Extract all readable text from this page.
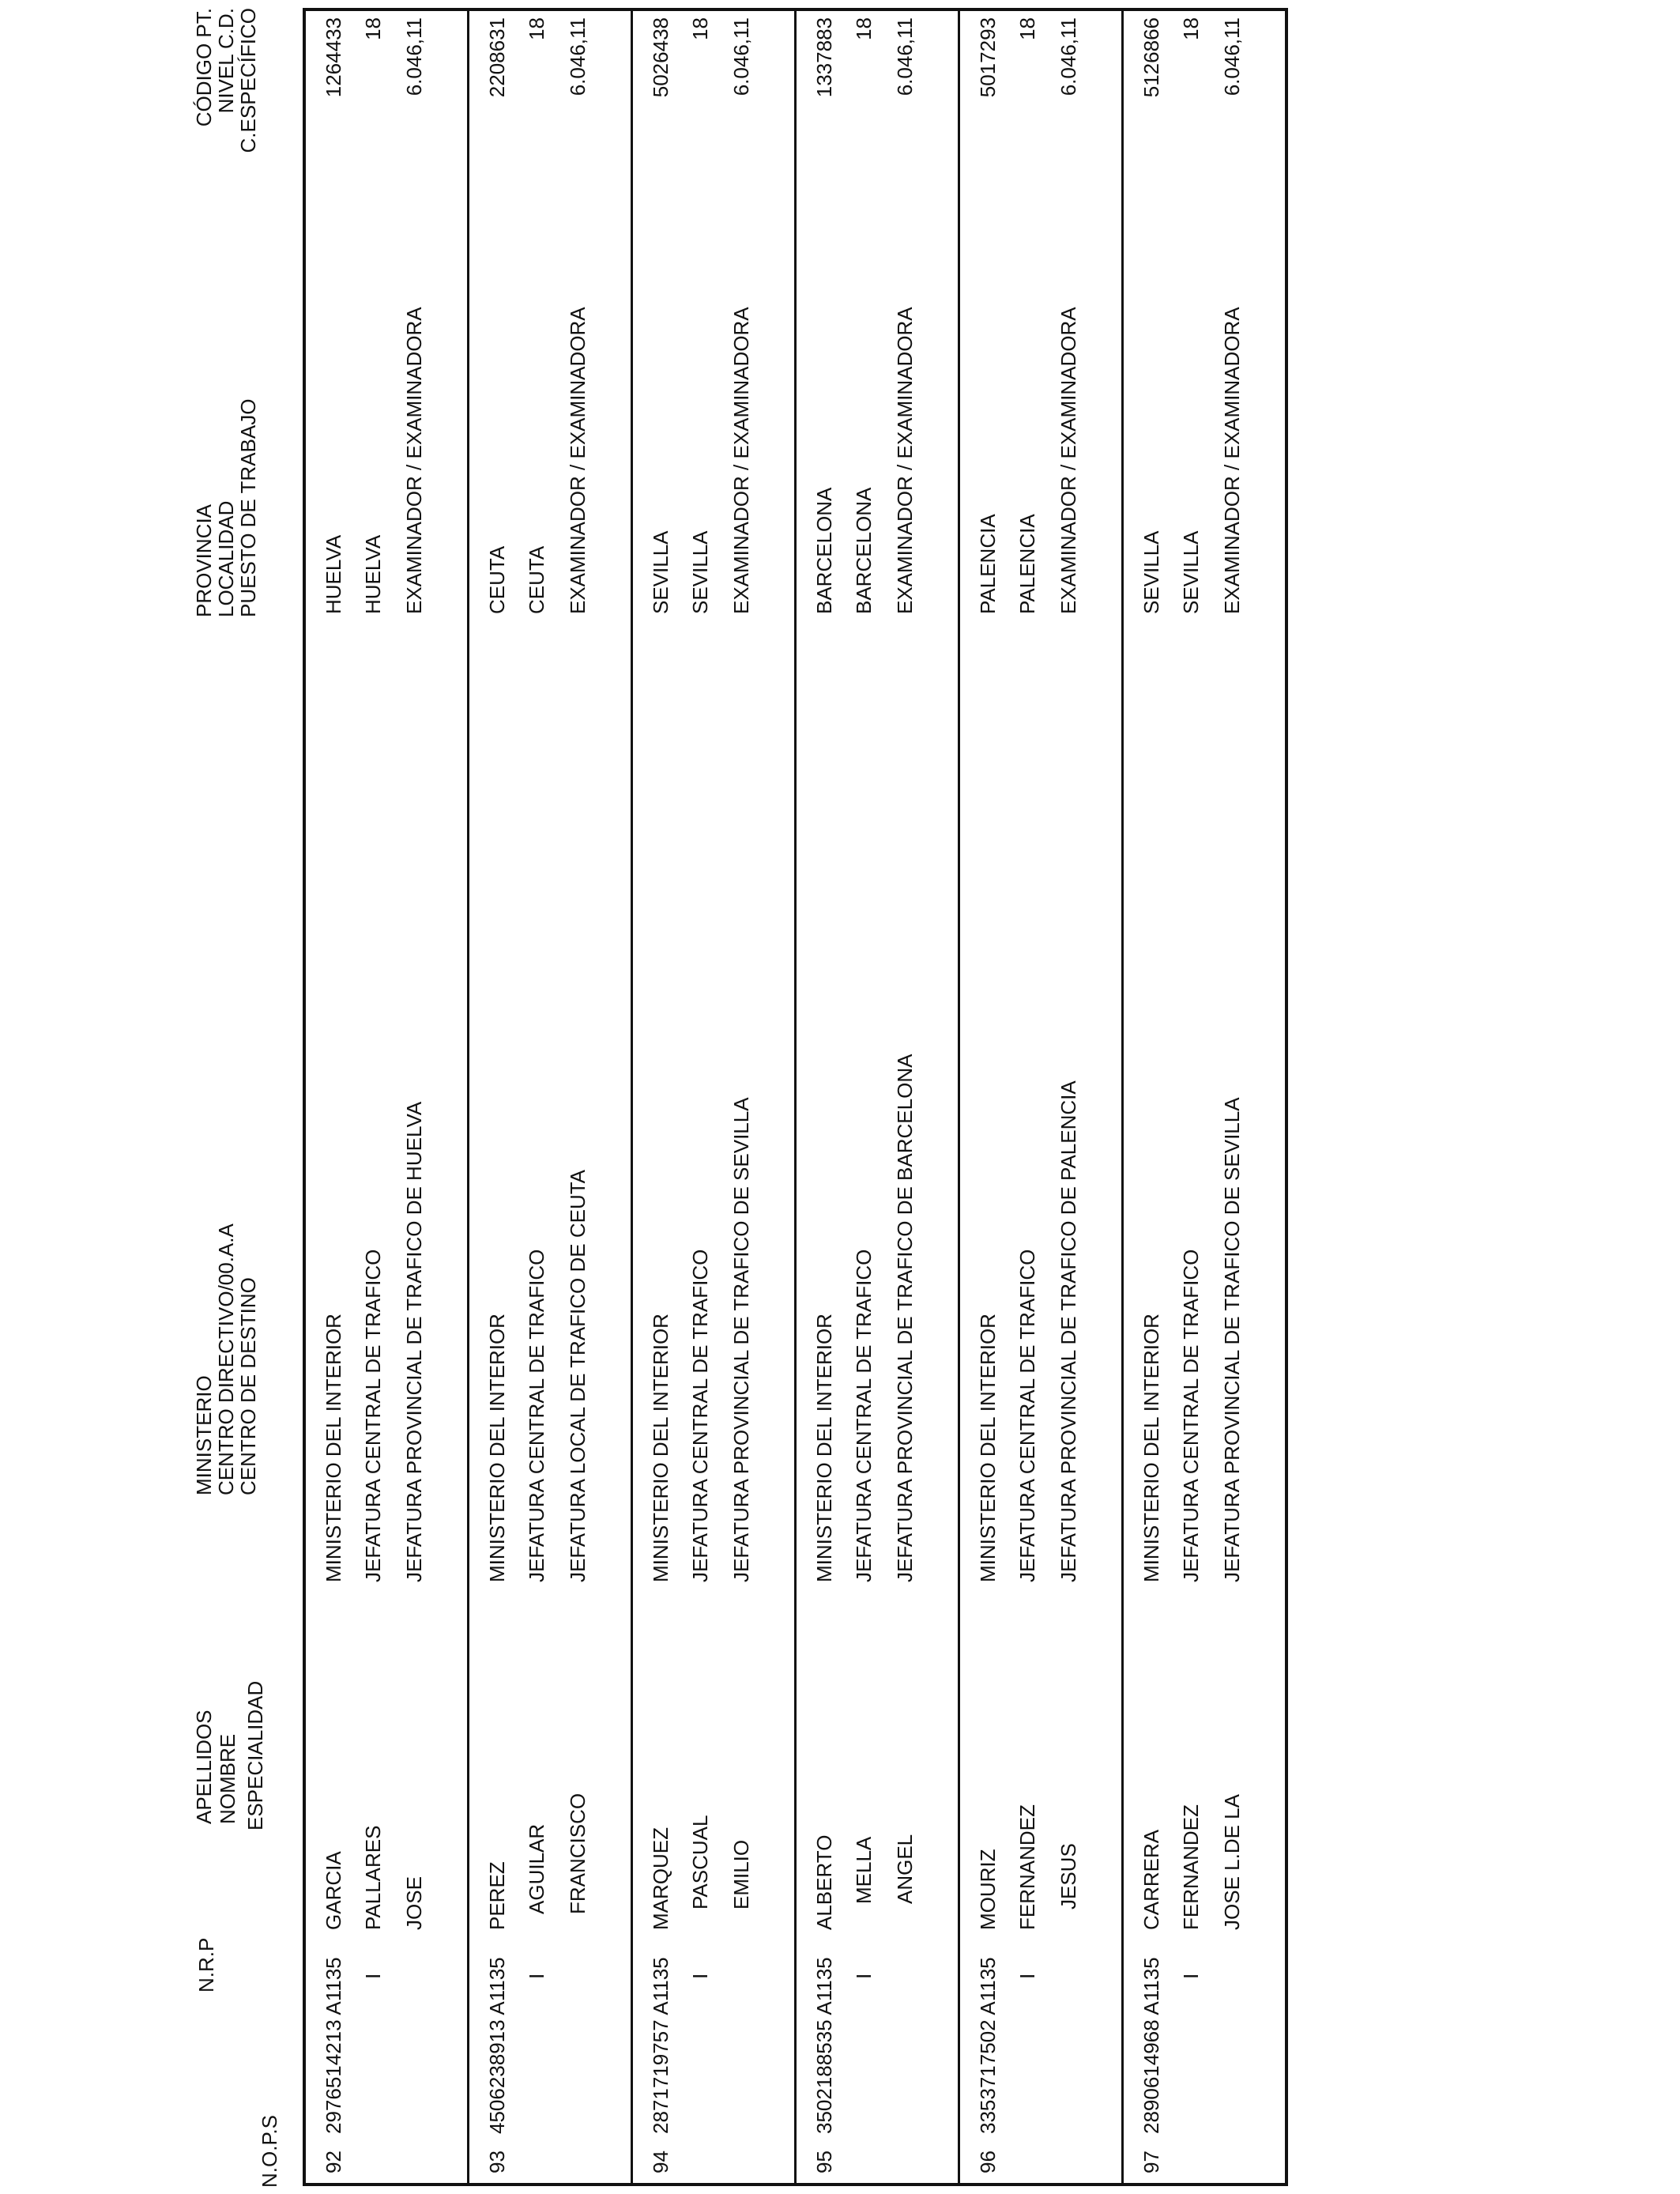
N.O.P.S
N.R.P
ESPECIALIDAD
APELLIDOS NOMBRE
MINISTERIO
CENTRO DIRECTIVO/00.A.A
CENTRO DE DESTINO
PROVINCIA
LOCALIDAD
PUESTO DE TRABAJO
CÓDIGO PT.
NIVEL C.D.
C.ESPECÍFICO
92
2976514213 A1135 I
GARCIA PALLARES JOSE
MINISTERIO DEL INTERIOR JEFATURA CENTRAL DE TRAFICO JEFATURA PROVINCIAL DE TRAFICO DE HUELVA
HUELVA HUELVA EXAMINADOR / EXAMINADORA
1264433 18 6.046,11
93
4506238913 A1135 I
PEREZ AGUILAR FRANCISCO
MINISTERIO DEL INTERIOR JEFATURA CENTRAL DE TRAFICO JEFATURA LOCAL DE TRAFICO DE CEUTA
CEUTA CEUTA EXAMINADOR / EXAMINADORA
2208631 18 6.046,11
94
2871719757 A1135 I
MARQUEZ PASCUAL EMILIO
MINISTERIO DEL INTERIOR JEFATURA CENTRAL DE TRAFICO JEFATURA PROVINCIAL DE TRAFICO DE SEVILLA
SEVILLA SEVILLA EXAMINADOR / EXAMINADORA
5026438 18 6.046,11
95
3502188535 A1135 I
ALBERTO MELLA ANGEL
MINISTERIO DEL INTERIOR JEFATURA CENTRAL DE TRAFICO JEFATURA PROVINCIAL DE TRAFICO DE BARCELONA
BARCELONA BARCELONA EXAMINADOR / EXAMINADORA
1337883 18 6.046,11
96
3353717502 A1135 I
MOURIZ FERNANDEZ JESUS
MINISTERIO DEL INTERIOR JEFATURA CENTRAL DE TRAFICO JEFATURA PROVINCIAL DE TRAFICO DE PALENCIA
PALENCIA PALENCIA EXAMINADOR / EXAMINADORA
5017293 18 6.046,11
97
2890614968 A1135 I
CARRERA FERNANDEZ JOSE L.DE LA
MINISTERIO DEL INTERIOR JEFATURA CENTRAL DE TRAFICO JEFATURA PROVINCIAL DE TRAFICO DE SEVILLA
SEVILLA SEVILLA EXAMINADOR / EXAMINADORA
5126866 18 6.046,11
